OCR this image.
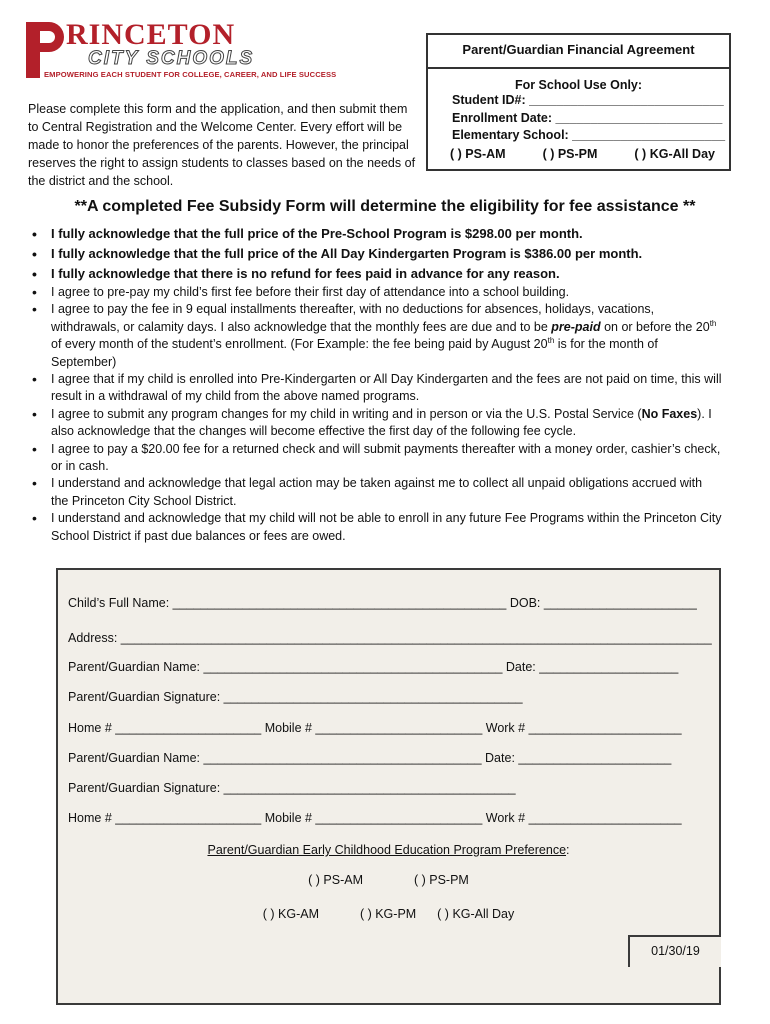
RINCETON
CITY SCHOOLS
EMPOWERING EACH STUDENT FOR COLLEGE, CAREER, AND LIFE SUCCESS
Parent/Guardian Financial Agreement
For School Use Only:
Student ID#: ____________________________
Enrollment Date: ________________________
Elementary School: ______________________
( ) PS-AM	( ) PS-PM	( ) KG-All Day
Please complete this form and the application, and then submit them to Central Registration and the Welcome Center. Every effort will be made to honor the preferences of the parents. However, the principal reserves the right to assign students to classes based on the needs of the district and the school.
**A completed Fee Subsidy Form will determine the eligibility for fee assistance **
• I fully acknowledge that the full price of the Pre-School Program is $298.00 per month.
• I fully acknowledge that the full price of the All Day Kindergarten Program is $386.00 per month.
• I fully acknowledge that there is no refund for fees paid in advance for any reason.
• I agree to pre-pay my child’s first fee before their first day of attendance into a school building.
• I agree to pay the fee in 9 equal installments thereafter, with no deductions for absences, holidays, vacations, withdrawals, or calamity days. I also acknowledge that the monthly fees are due and to be pre-paid on or before the 20th of every month of the student’s enrollment. (For Example: the fee being paid by August 20th is for the month of September)
• I agree that if my child is enrolled into Pre-Kindergarten or All Day Kindergarten and the fees are not paid on time, this will result in a withdrawal of my child from the above named programs.
• I agree to submit any program changes for my child in writing and in person or via the U.S. Postal Service (No Faxes). I also acknowledge that the changes will become effective the first day of the following fee cycle.
• I agree to pay a $20.00 fee for a returned check and will submit payments thereafter with a money order, cashier’s check, or in cash.
• I understand and acknowledge that legal action may be taken against me to collect all unpaid obligations accrued with the Princeton City School District.
• I understand and acknowledge that my child will not be able to enroll in any future Fee Programs within the Princeton City School District if past due balances or fees are owed.
Child’s Full Name: ________________________________________________ DOB: ______________________
Address: _____________________________________________________________________________________
Parent/Guardian Name: ___________________________________________ Date: ____________________
Parent/Guardian Signature: ___________________________________________
Home # _____________________ Mobile # ________________________ Work # ______________________
Parent/Guardian Name: ________________________________________ Date: ______________________
Parent/Guardian Signature: __________________________________________
Home # _____________________ Mobile # ________________________ Work # ______________________
Parent/Guardian Early Childhood Education Program Preference:
( ) PS-AM	( ) PS-PM
( ) KG-AM	( ) KG-PM ( ) KG-All Day
01/30/19
